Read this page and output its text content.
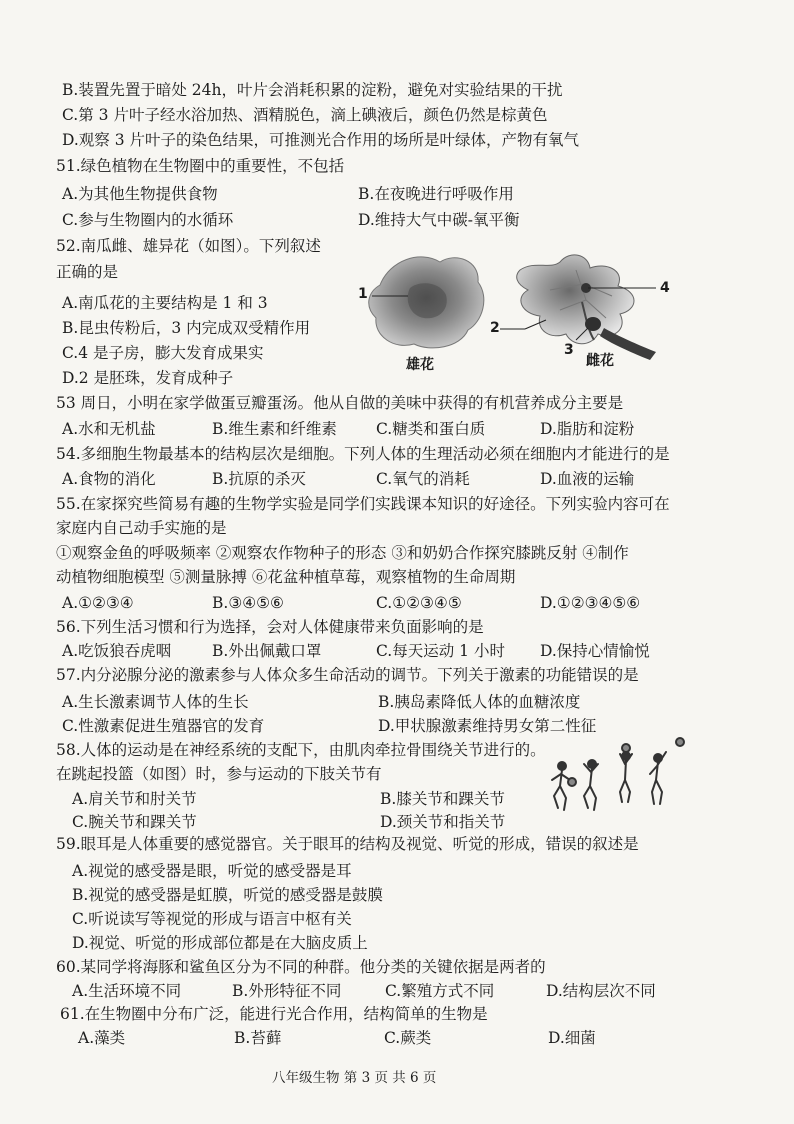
B.装置先置于暗处 24h，叶片会消耗积累的淀粉，避免对实验结果的干扰
C.第 3 片叶子经水浴加热、酒精脱色，滴上碘液后，颜色仍然是棕黄色
D.观察 3 片叶子的染色结果，可推测光合作用的场所是叶绿体，产物有氧气
51.绿色植物在生物圈中的重要性，不包括
A.为其他生物提供食物	B.在夜晚进行呼吸作用
C.参与生物圈内的水循环	D.维持大气中碳-氧平衡
52.南瓜雌、雄异花（如图）。下列叙述
正确的是
A.南瓜花的主要结构是 1 和 3
B.昆虫传粉后，3 内完成双受精作用
C.4 是子房，膨大发育成果实
D.2 是胚珠，发育成种子
1
2
3
4
雄花	雌花
53 周日，小明在家学做蛋豆瓣蛋汤。他从自做的美味中获得的有机营养成分主要是
A.水和无机盐	B.维生素和纤维素	C.糖类和蛋白质	D.脂肪和淀粉
54.多细胞生物最基本的结构层次是细胞。下列人体的生理活动必须在细胞内才能进行的是
A.食物的消化	B.抗原的杀灭	C.氧气的消耗	D.血液的运输
55.在家探究些简易有趣的生物学实验是同学们实践课本知识的好途径。下列实验内容可在
家庭内自己动手实施的是
①观察金鱼的呼吸频率 ②观察农作物种子的形态 ③和奶奶合作探究膝跳反射 ④制作
动植物细胞模型 ⑤测量脉搏 ⑥花盆种植草莓，观察植物的生命周期
A.①②③④	B.③④⑤⑥	C.①②③④⑤	D.①②③④⑤⑥
56.下列生活习惯和行为选择，会对人体健康带来负面影响的是
A.吃饭狼吞虎咽	B.外出佩戴口罩	C.每天运动 1 小时 D.保持心情愉悦
57.内分泌腺分泌的激素参与人体众多生命活动的调节。下列关于激素的功能错误的是
A.生长激素调节人体的生长	B.胰岛素降低人体的血糖浓度
C.性激素促进生殖器官的发育	D.甲状腺激素维持男女第二性征
58.人体的运动是在神经系统的支配下，由肌肉牵拉骨围绕关节进行的。
在跳起投篮（如图）时，参与运动的下肢关节有
A.肩关节和肘关节	B.膝关节和踝关节
C.腕关节和踝关节	D.颈关节和指关节
59.眼耳是人体重要的感觉器官。关于眼耳的结构及视觉、听觉的形成，错误的叙述是
A.视觉的感受器是眼，听觉的感受器是耳
B.视觉的感受器是虹膜，听觉的感受器是鼓膜
C.听说读写等视觉的形成与语言中枢有关
D.视觉、听觉的形成部位都是在大脑皮质上
60.某同学将海豚和鲨鱼区分为不同的种群。他分类的关键依据是两者的
A.生活环境不同	B.外形特征不同	C.繁殖方式不同	D.结构层次不同
61.在生物圈中分布广泛，能进行光合作用，结构简单的生物是
A.藻类	B.苔藓	C.蕨类	D.细菌
八年级生物 第 3 页 共 6 页
